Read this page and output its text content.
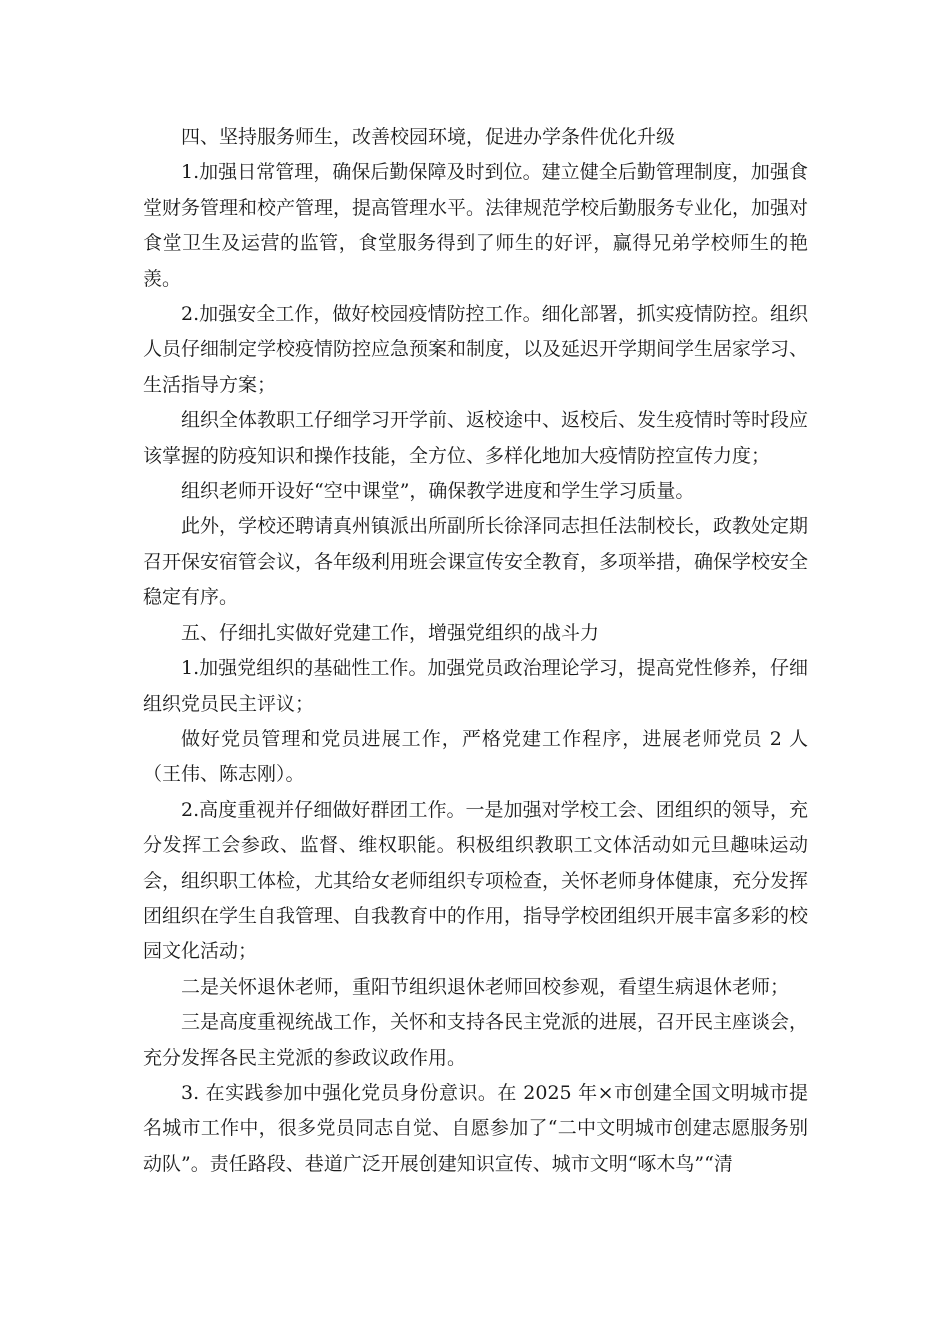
四、坚持服务师生，改善校园环境，促进办学条件优化升级

1.加强日常管理，确保后勤保障及时到位。建立健全后勤管理制度，加强食堂财务管理和校产管理，提高管理水平。法律规范学校后勤服务专业化，加强对食堂卫生及运营的监管，食堂服务得到了师生的好评，赢得兄弟学校师生的艳羡。

2.加强安全工作，做好校园疫情防控工作。细化部署，抓实疫情防控。组织人员仔细制定学校疫情防控应急预案和制度，以及延迟开学期间学生居家学习、生活指导方案；

组织全体教职工仔细学习开学前、返校途中、返校后、发生疫情时等时段应该掌握的防疫知识和操作技能，全方位、多样化地加大疫情防控宣传力度；

组织老师开设好“空中课堂”，确保教学进度和学生学习质量。

此外，学校还聘请真州镇派出所副所长徐泽同志担任法制校长，政教处定期召开保安宿管会议，各年级利用班会课宣传安全教育，多项举措，确保学校安全稳定有序。

五、仔细扎实做好党建工作，增强党组织的战斗力

1.加强党组织的基础性工作。加强党员政治理论学习，提高党性修养，仔细组织党员民主评议；

做好党员管理和党员进展工作，严格党建工作程序，进展老师党员 2 人（王伟、陈志刚）。

2.高度重视并仔细做好群团工作。一是加强对学校工会、团组织的领导，充分发挥工会参政、监督、维权职能。积极组织教职工文体活动如元旦趣味运动会，组织职工体检，尤其给女老师组织专项检查，关怀老师身体健康，充分发挥团组织在学生自我管理、自我教育中的作用，指导学校团组织开展丰富多彩的校园文化活动；

二是关怀退休老师，重阳节组织退休老师回校参观，看望生病退休老师；

三是高度重视统战工作，关怀和支持各民主党派的进展，召开民主座谈会，充分发挥各民主党派的参政议政作用。

3. 在实践参加中强化党员身份意识。在 2025 年×市创建全国文明城市提名城市工作中，很多党员同志自觉、自愿参加了“二中文明城市创建志愿服务别动队”。责任路段、巷道广泛开展创建知识宣传、城市文明“啄木鸟”“清
